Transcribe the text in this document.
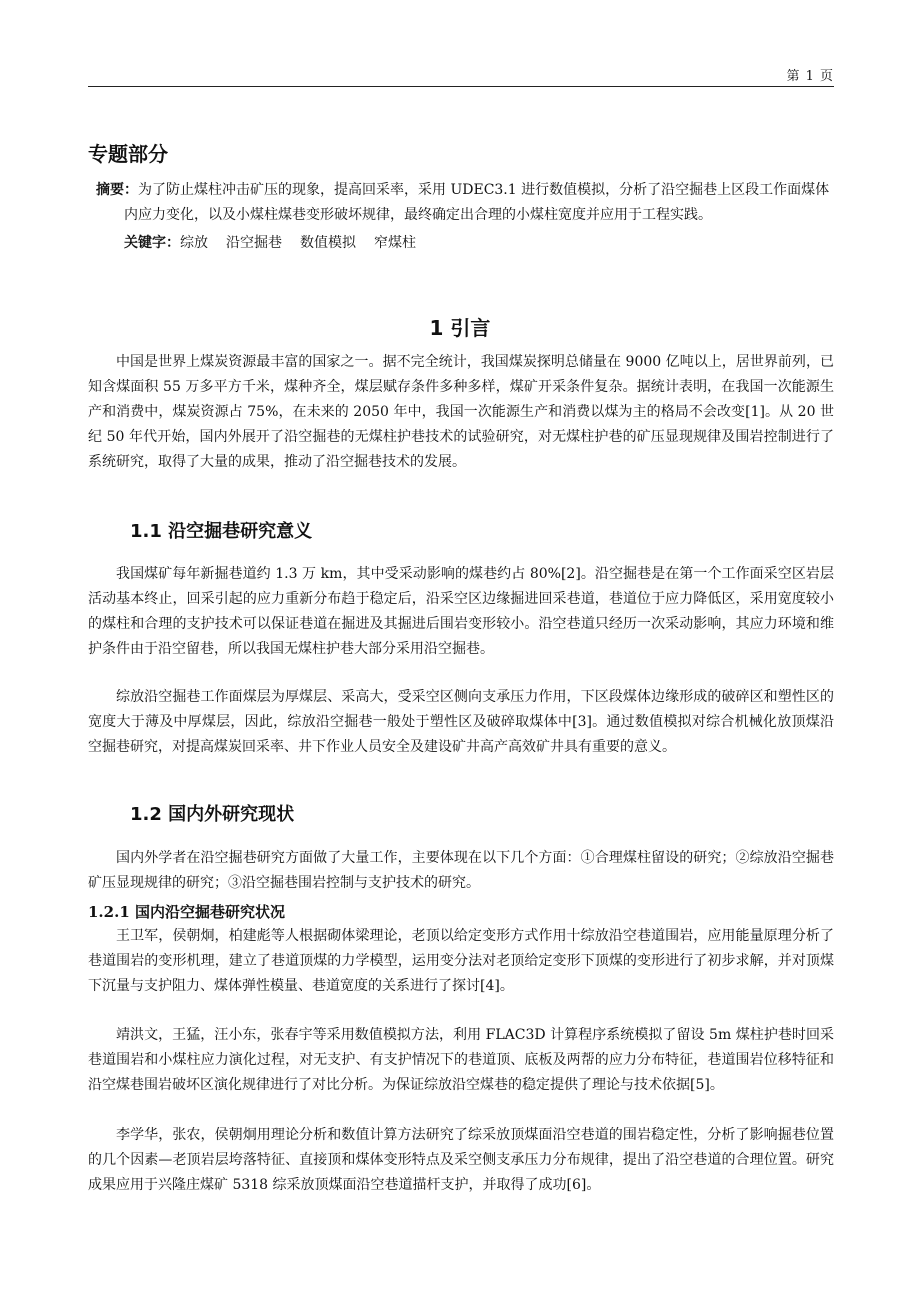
第 1 页
专题部分
摘要：为了防止煤柱冲击矿压的现象，提高回采率，采用 UDEC3.1 进行数值模拟，分析了沿空掘巷上区段工作面煤体内应力变化，以及小煤柱煤巷变形破坏规律，最终确定出合理的小煤柱宽度并应用于工程实践。
关键字：综放 沿空掘巷 数值模拟 窄煤柱
1 引言
中国是世界上煤炭资源最丰富的国家之一。据不完全统计，我国煤炭探明总储量在 9000 亿吨以上，居世界前列，已知含煤面积 55 万多平方千米，煤种齐全，煤层赋存条件多种多样，煤矿开采条件复杂。据统计表明，在我国一次能源生产和消费中，煤炭资源占 75%，在未来的 2050 年中，我国一次能源生产和消费以煤为主的格局不会改变[1]。从 20 世纪 50 年代开始，国内外展开了沿空掘巷的无煤柱护巷技术的试验研究，对无煤柱护巷的矿压显现规律及围岩控制进行了系统研究，取得了大量的成果，推动了沿空掘巷技术的发展。
1.1 沿空掘巷研究意义
我国煤矿每年新掘巷道约 1.3 万 km，其中受采动影响的煤巷约占 80%[2]。沿空掘巷是在第一个工作面采空区岩层活动基本终止，回采引起的应力重新分布趋于稳定后，沿采空区边缘掘进回采巷道，巷道位于应力降低区，采用宽度较小的煤柱和合理的支护技术可以保证巷道在掘进及其掘进后围岩变形较小。沿空巷道只经历一次采动影响，其应力环境和维护条件由于沿空留巷，所以我国无煤柱护巷大部分采用沿空掘巷。
综放沿空掘巷工作面煤层为厚煤层、采高大，受采空区侧向支承压力作用，下区段煤体边缘形成的破碎区和塑性区的宽度大于薄及中厚煤层，因此，综放沿空掘巷一般处于塑性区及破碎取煤体中[3]。通过数值模拟对综合机械化放顶煤沿空掘巷研究，对提高煤炭回采率、井下作业人员安全及建设矿井高产高效矿井具有重要的意义。
1.2 国内外研究现状
国内外学者在沿空掘巷研究方面做了大量工作，主要体现在以下几个方面：①合理煤柱留设的研究；②综放沿空掘巷矿压显现规律的研究；③沿空掘巷围岩控制与支护技术的研究。
1.2.1 国内沿空掘巷研究状况
王卫军，侯朝炯，柏建彪等人根据砌体梁理论，老顶以给定变形方式作用十综放沿空巷道围岩，应用能量原理分析了巷道围岩的变形机理，建立了巷道顶煤的力学模型，运用变分法对老顶给定变形下顶煤的变形进行了初步求解，并对顶煤下沉量与支护阻力、煤体弹性模量、巷道宽度的关系进行了探讨[4]。
靖洪文，王猛，汪小东，张春宇等采用数值模拟方法，利用 FLAC3D 计算程序系统模拟了留设 5m 煤柱护巷时回采巷道围岩和小煤柱应力演化过程，对无支护、有支护情况下的巷道顶、底板及两帮的应力分布特征，巷道围岩位移特征和沿空煤巷围岩破坏区演化规律进行了对比分析。为保证综放沿空煤巷的稳定提供了理论与技术依据[5]。
李学华，张农，侯朝炯用理论分析和数值计算方法研究了综采放顶煤面沿空巷道的围岩稳定性，分析了影响掘巷位置的几个因素—老顶岩层垮落特征、直接顶和煤体变形特点及采空侧支承压力分布规律，提出了沿空巷道的合理位置。研究成果应用于兴隆庄煤矿 5318 综采放顶煤面沿空巷道描杆支护，并取得了成功[6]。
